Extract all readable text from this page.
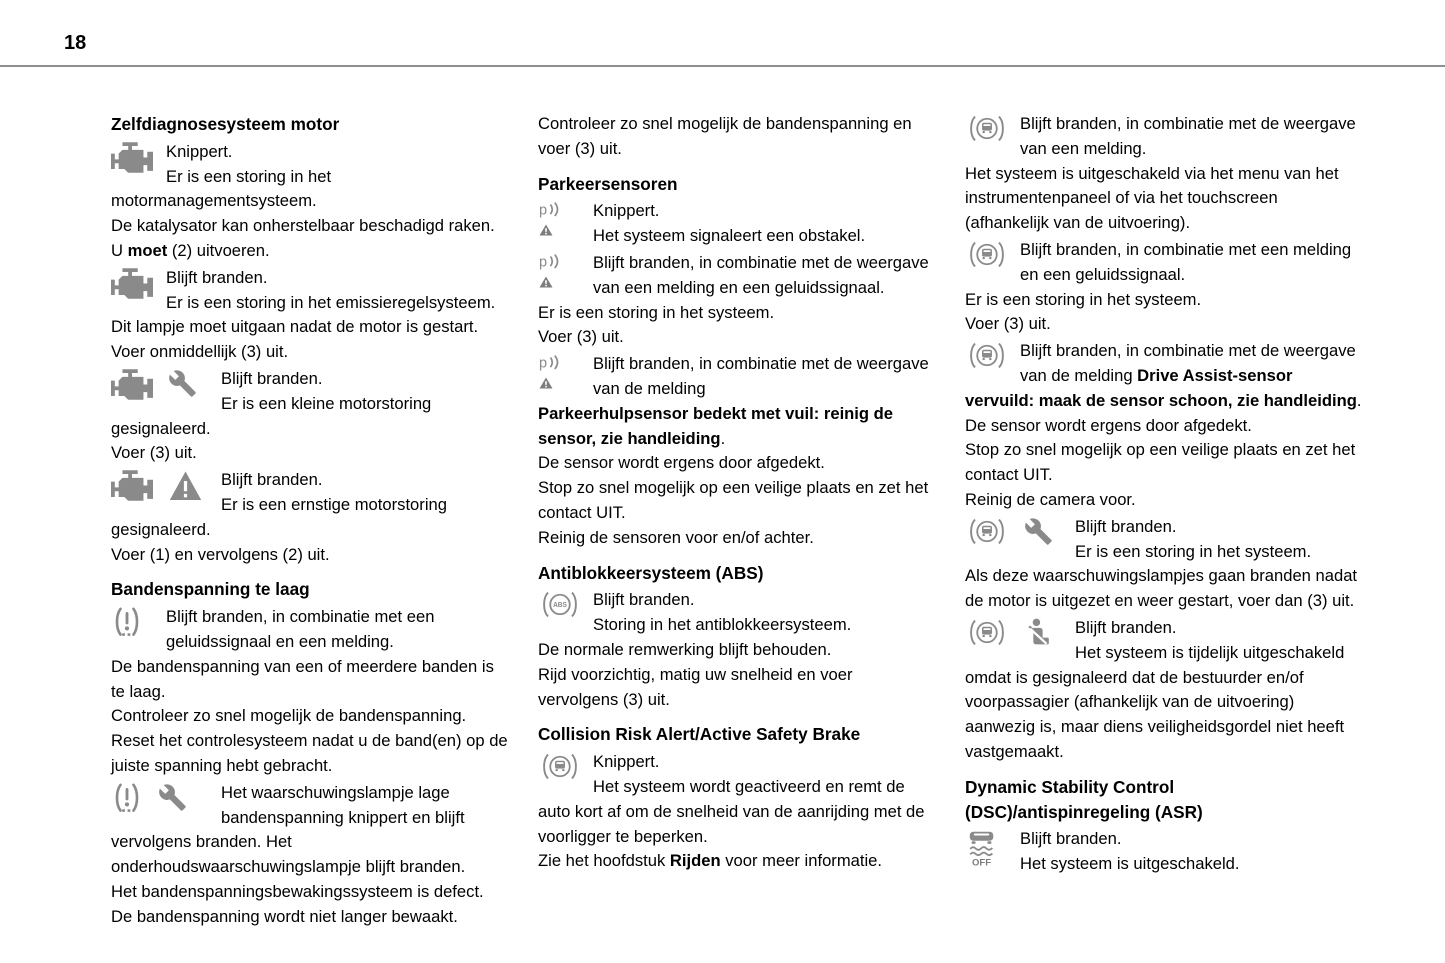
18
Zelfdiagnosesysteem motor
Knippert.
Er is een storing in het motormanagementsysteem.
De katalysator kan onherstelbaar beschadigd raken.
U moet (2) uitvoeren.
Blijft branden.
Er is een storing in het emissieregelsysteem.
Dit lampje moet uitgaan nadat de motor is gestart.
Voer onmiddellijk (3) uit.
Blijft branden.
Er is een kleine motorstoring gesignaleerd.
Voer (3) uit.
Blijft branden.
Er is een ernstige motorstoring gesignaleerd.
Voer (1) en vervolgens (2) uit.
Bandenspanning te laag
Blijft branden, in combinatie met een geluidssignaal en een melding.
De bandenspanning van een of meerdere banden is te laag.
Controleer zo snel mogelijk de bandenspanning.
Reset het controlesysteem nadat u de band(en) op de juiste spanning hebt gebracht.
Het waarschuwingslampje lage bandenspanning knippert en blijft vervolgens branden. Het onderhoudswaarschuwingslampje blijft branden.
Het bandenspanningsbewakingssysteem is defect.
De bandenspanning wordt niet langer bewaakt.
Controleer zo snel mogelijk de bandenspanning en voer (3) uit.
Parkeersensoren
p	Knippert.
Het systeem signaleert een obstakel.
p	Blijft branden, in combinatie met de weergave van een melding en een geluidssignaal.
Er is een storing in het systeem.
Voer (3) uit.
p	Blijft branden, in combinatie met de weergave van de melding
Parkeerhulpsensor bedekt met vuil: reinig de sensor, zie handleiding.
De sensor wordt ergens door afgedekt.
Stop zo snel mogelijk op een veilige plaats en zet het contact UIT.
Reinig de sensoren voor en/of achter.
Antiblokkeersysteem (ABS)
ABS Blijft branden.
Storing in het antiblokkeersysteem.
De normale remwerking blijft behouden.
Rijd voorzichtig, matig uw snelheid en voer vervolgens (3) uit.
Collision Risk Alert/Active Safety Brake
Knippert.
Het systeem wordt geactiveerd en remt de auto kort af om de snelheid van de aanrijding met de voorligger te beperken.
Zie het hoofdstuk Rijden voor meer informatie.
Blijft branden, in combinatie met de weergave van een melding.
Het systeem is uitgeschakeld via het menu van het instrumentenpaneel of via het touchscreen (afhankelijk van de uitvoering).
Blijft branden, in combinatie met een melding en een geluidssignaal.
Er is een storing in het systeem.
Voer (3) uit.
Blijft branden, in combinatie met de weergave van de melding Drive Assist-sensor vervuild: maak de sensor schoon, zie handleiding.
De sensor wordt ergens door afgedekt.
Stop zo snel mogelijk op een veilige plaats en zet het contact UIT.
Reinig de camera voor.
Blijft branden.
Er is een storing in het systeem.
Als deze waarschuwingslampjes gaan branden nadat de motor is uitgezet en weer gestart, voer dan (3) uit.
Blijft branden.
Het systeem is tijdelijk uitgeschakeld omdat is gesignaleerd dat de bestuurder en/of voorpassagier (afhankelijk van de uitvoering) aanwezig is, maar diens veiligheidsgordel niet heeft vastgemaakt.
Dynamic Stability Control (DSC)/antispinregeling (ASR)
OFF
Blijft branden.
Het systeem is uitgeschakeld.
